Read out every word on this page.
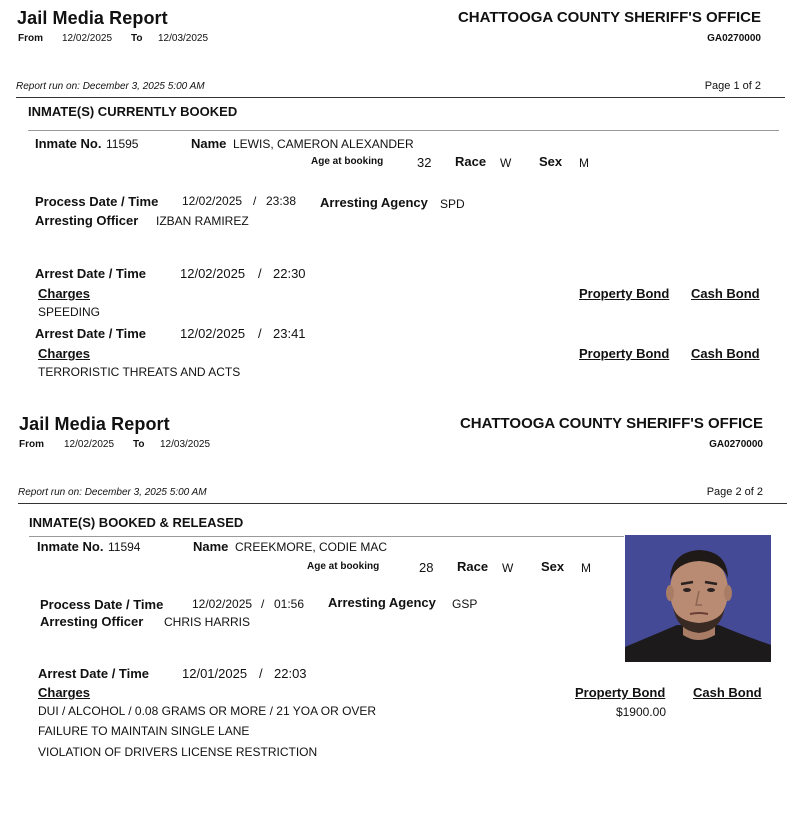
Jail Media Report
From 12/02/2025 To 12/03/2025
CHATTOOGA COUNTY SHERIFF'S OFFICE
GA0270000
Report run on: December 3, 2025 5:00 AM	Page 1 of 2
INMATE(S) CURRENTLY BOOKED
Inmate No. 11595	Name LEWIS, CAMERON ALEXANDER
Age at booking	32 Race W Sex M
Process Date / Time 12/02/2025 / 23:38 Arresting Agency SPD
Arresting Officer IZBAN RAMIREZ
Arrest Date / Time	12/02/2025 / 22:30
Charges	Property Bond Cash Bond
SPEEDING
Arrest Date / Time	12/02/2025 / 23:41
Charges	Property Bond Cash Bond
TERRORISTIC THREATS AND ACTS
Jail Media Report
From 12/02/2025 To 12/03/2025
CHATTOOGA COUNTY SHERIFF'S OFFICE
GA0270000
Report run on: December 3, 2025 5:00 AM	Page 2 of 2
INMATE(S) BOOKED & RELEASED
Inmate No. 11594	Name CREEKMORE, CODIE MAC
Age at booking	28 Race W Sex M
Process Date / Time 12/02/2025 / 01:56 Arresting Agency GSP
Arresting Officer CHRIS HARRIS
Arrest Date / Time	12/01/2025 / 22:03
Charges	Property Bond Cash Bond
DUI / ALCOHOL / 0.08 GRAMS OR MORE / 21 YOA OR OVER	$1900.00
FAILURE TO MAINTAIN SINGLE LANE
VIOLATION OF DRIVERS LICENSE RESTRICTION
